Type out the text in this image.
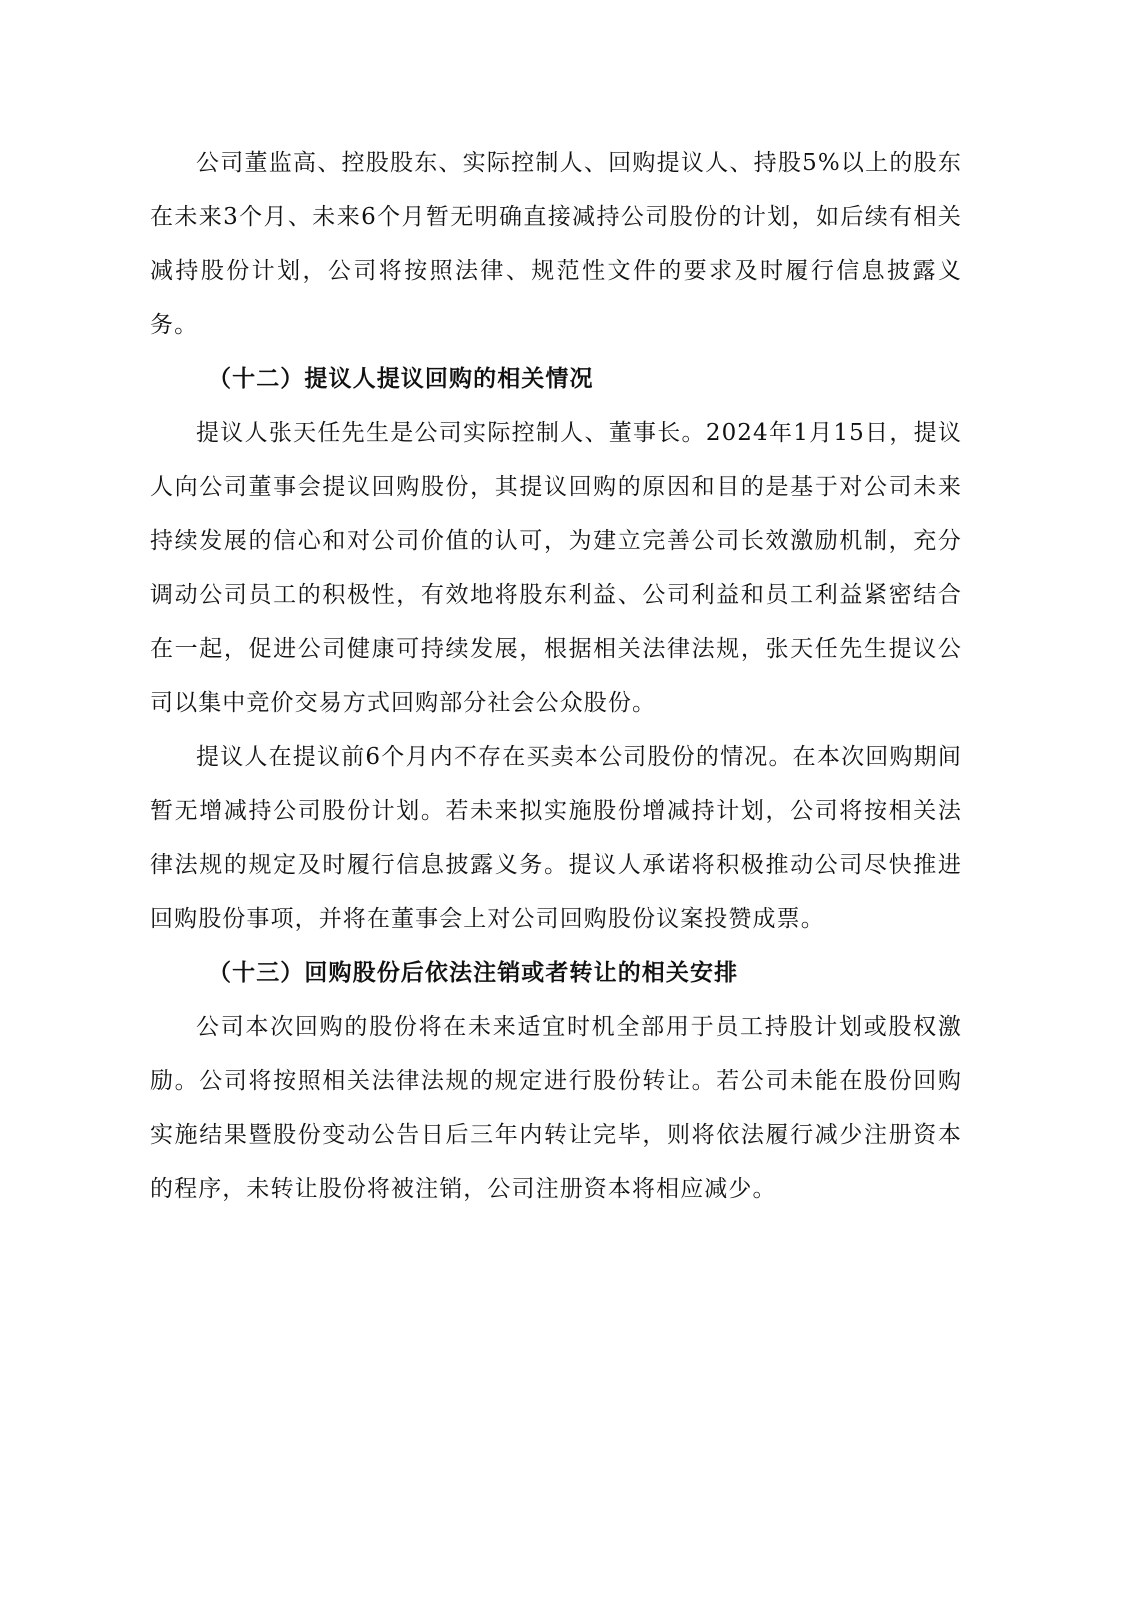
公司董监高、控股股东、实际控制人、回购提议人、持股5%以上的股东在未来3个月、未来6个月暂无明确直接减持公司股份的计划，如后续有相关减持股份计划，公司将按照法律、规范性文件的要求及时履行信息披露义务。

（十二）提议人提议回购的相关情况

提议人张天任先生是公司实际控制人、董事长。2024年1月15日，提议人向公司董事会提议回购股份，其提议回购的原因和目的是基于对公司未来持续发展的信心和对公司价值的认可，为建立完善公司长效激励机制，充分调动公司员工的积极性，有效地将股东利益、公司利益和员工利益紧密结合在一起，促进公司健康可持续发展，根据相关法律法规，张天任先生提议公司以集中竞价交易方式回购部分社会公众股份。

提议人在提议前6个月内不存在买卖本公司股份的情况。在本次回购期间暂无增减持公司股份计划。若未来拟实施股份增减持计划，公司将按相关法律法规的规定及时履行信息披露义务。提议人承诺将积极推动公司尽快推进回购股份事项，并将在董事会上对公司回购股份议案投赞成票。

（十三）回购股份后依法注销或者转让的相关安排

公司本次回购的股份将在未来适宜时机全部用于员工持股计划或股权激励。公司将按照相关法律法规的规定进行股份转让。若公司未能在股份回购实施结果暨股份变动公告日后三年内转让完毕，则将依法履行减少注册资本的程序，未转让股份将被注销，公司注册资本将相应减少。
